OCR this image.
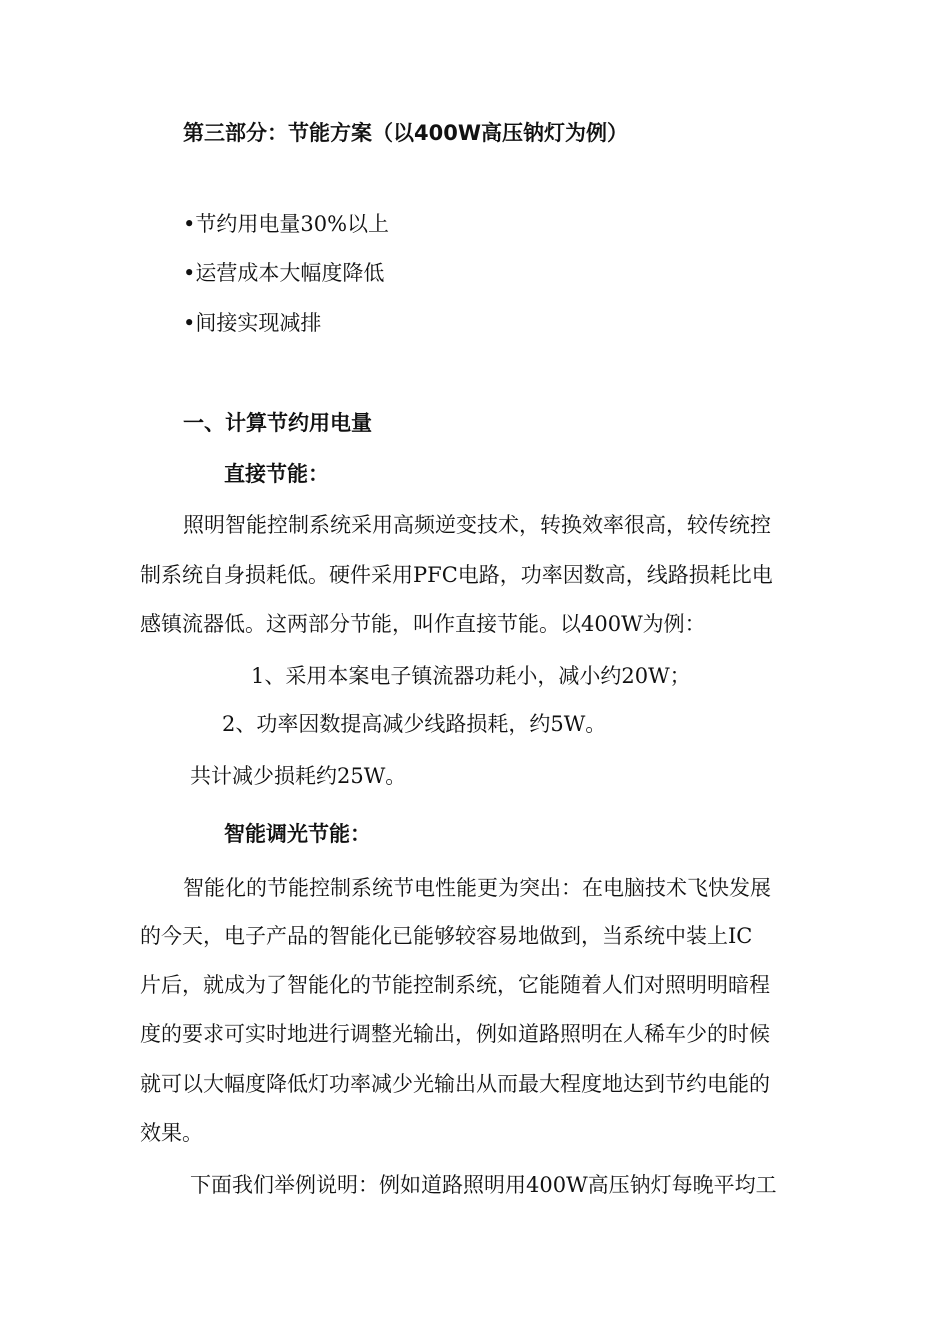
第三部分：节能方案（以400W高压钠灯为例）
•节约用电量30%以上
•运营成本大幅度降低
•间接实现减排
一、计算节约用电量
直接节能：
照明智能控制系统采用高频逆变技术，转换效率很高，较传统控
制系统自身损耗低。硬件采用PFC电路，功率因数高，线路损耗比电
感镇流器低。这两部分节能，叫作直接节能。以400W为例：
1、采用本案电子镇流器功耗小，减小约20W；
2、功率因数提高减少线路损耗，约5W。
共计减少损耗约25W。
智能调光节能：
智能化的节能控制系统节电性能更为突出：在电脑技术飞快发展
的今天，电子产品的智能化已能够较容易地做到，当系统中装上IC
片后，就成为了智能化的节能控制系统，它能随着人们对照明明暗程
度的要求可实时地进行调整光输出，例如道路照明在人稀车少的时候
就可以大幅度降低灯功率减少光输出从而最大程度地达到节约电能的
效果。
下面我们举例说明：例如道路照明用400W高压钠灯每晚平均工
